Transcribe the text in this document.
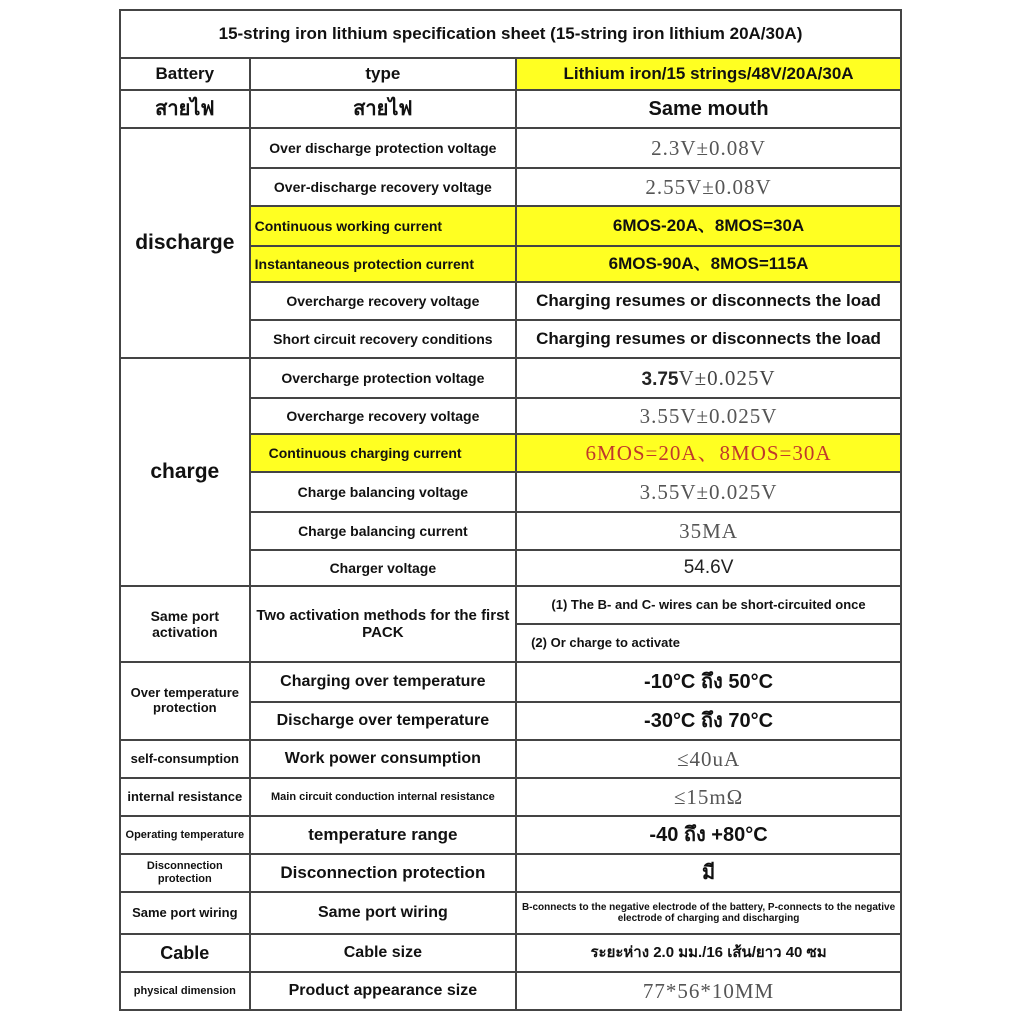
15-string iron lithium specification sheet (15-string iron lithium 20A/30A)		
Battery	type	Lithium iron/15 strings/48V/20A/30A
สายไฟ	สายไฟ	Same mouth
discharge	Over discharge protection voltage	2.3V±0.08V
	Over-discharge recovery voltage	2.55V±0.08V
	Continuous working current	6MOS-20A、8MOS=30A
	Instantaneous protection current	6MOS-90A、8MOS=115A
	Overcharge recovery voltage	Charging resumes or disconnects the load
	Short circuit recovery conditions	Charging resumes or disconnects the load
charge	Overcharge protection voltage	3.75V±0.025V
	Overcharge recovery voltage	3.55V±0.025V
	Continuous charging current	6MOS=20A、8MOS=30A
	Charge balancing voltage	3.55V±0.025V
	Charge balancing current	35MA
	Charger voltage	54.6V
Same port activation	Two activation methods for the first PACK	(1) The B- and C- wires can be short-circuited once
		(2) Or charge to activate
Over temperature protection	Charging over temperature	-10°C ถึง 50°C
	Discharge over temperature	-30°C ถึง 70°C
self-consumption	Work power consumption	≤40uA
internal resistance	Main circuit conduction internal resistance	≤15mΩ
Operating temperature	temperature range	-40 ถึง +80°C
Disconnection protection	Disconnection protection	มี
Same port wiring	Same port wiring	B-connects to the negative electrode of the battery, P-connects to the negative electrode of charging and discharging
Cable	Cable size	ระยะห่าง 2.0 มม./16 เส้น/ยาว 40 ซม
physical dimension	Product appearance size	77*56*10MM
